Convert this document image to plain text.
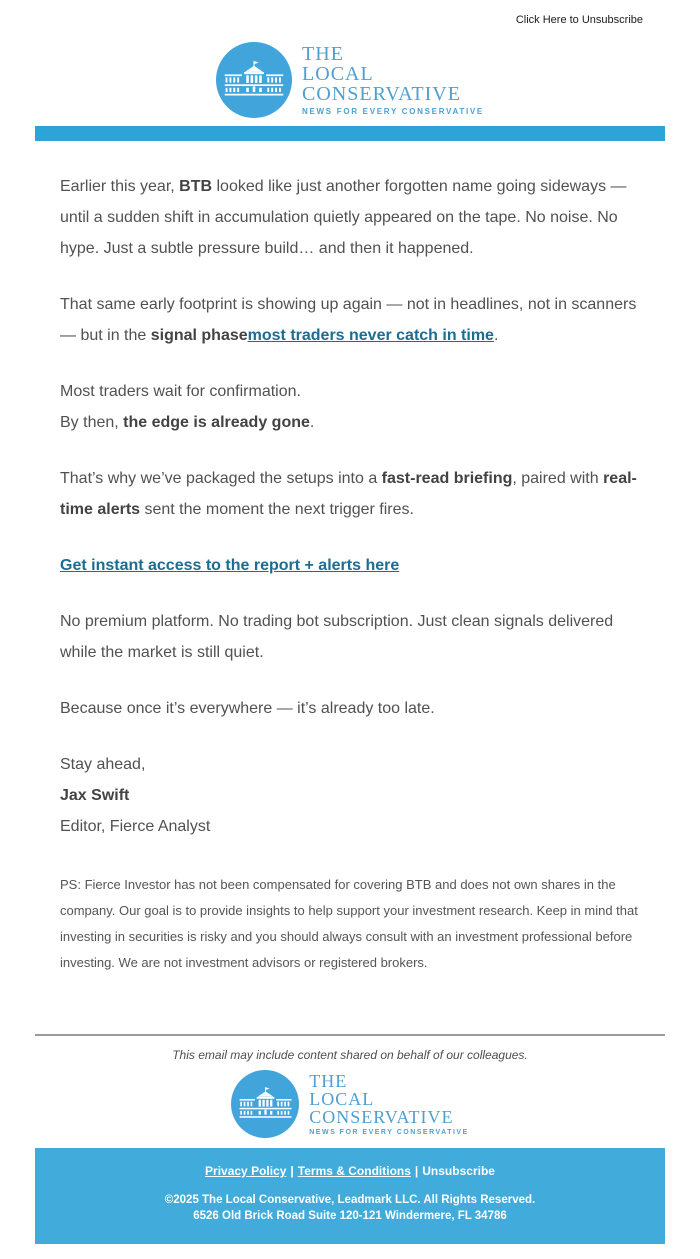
Click Here to Unsubscribe
THE
LOCAL
CONSERVATIVE
NEWS FOR EVERY CONSERVATIVE

Earlier this year, BTB looked like just another forgotten name going sideways — until a sudden shift in accumulation quietly appeared on the tape. No noise. No hype. Just a subtle pressure build… and then it happened.

That same early footprint is showing up again — not in headlines, not in scanners — but in the signal phasemost traders never catch in time.

Most traders wait for confirmation.
By then, the edge is already gone.

That’s why we’ve packaged the setups into a fast-read briefing, paired with real-time alerts sent the moment the next trigger fires.

Get instant access to the report + alerts here

No premium platform. No trading bot subscription. Just clean signals delivered while the market is still quiet.

Because once it’s everywhere — it’s already too late.

Stay ahead,
Jax Swift
Editor, Fierce Analyst

PS: Fierce Investor has not been compensated for covering BTB and does not own shares in the company. Our goal is to provide insights to help support your investment research. Keep in mind that investing in securities is risky and you should always consult with an investment professional before investing. We are not investment advisors or registered brokers.

This email may include content shared on behalf of our colleagues.
THE
LOCAL
CONSERVATIVE
NEWS FOR EVERY CONSERVATIVE
Privacy Policy | Terms & Conditions | Unsubscribe
©2025 The Local Conservative, Leadmark LLC. All Rights Reserved.
6526 Old Brick Road Suite 120-121 Windermere, FL 34786
